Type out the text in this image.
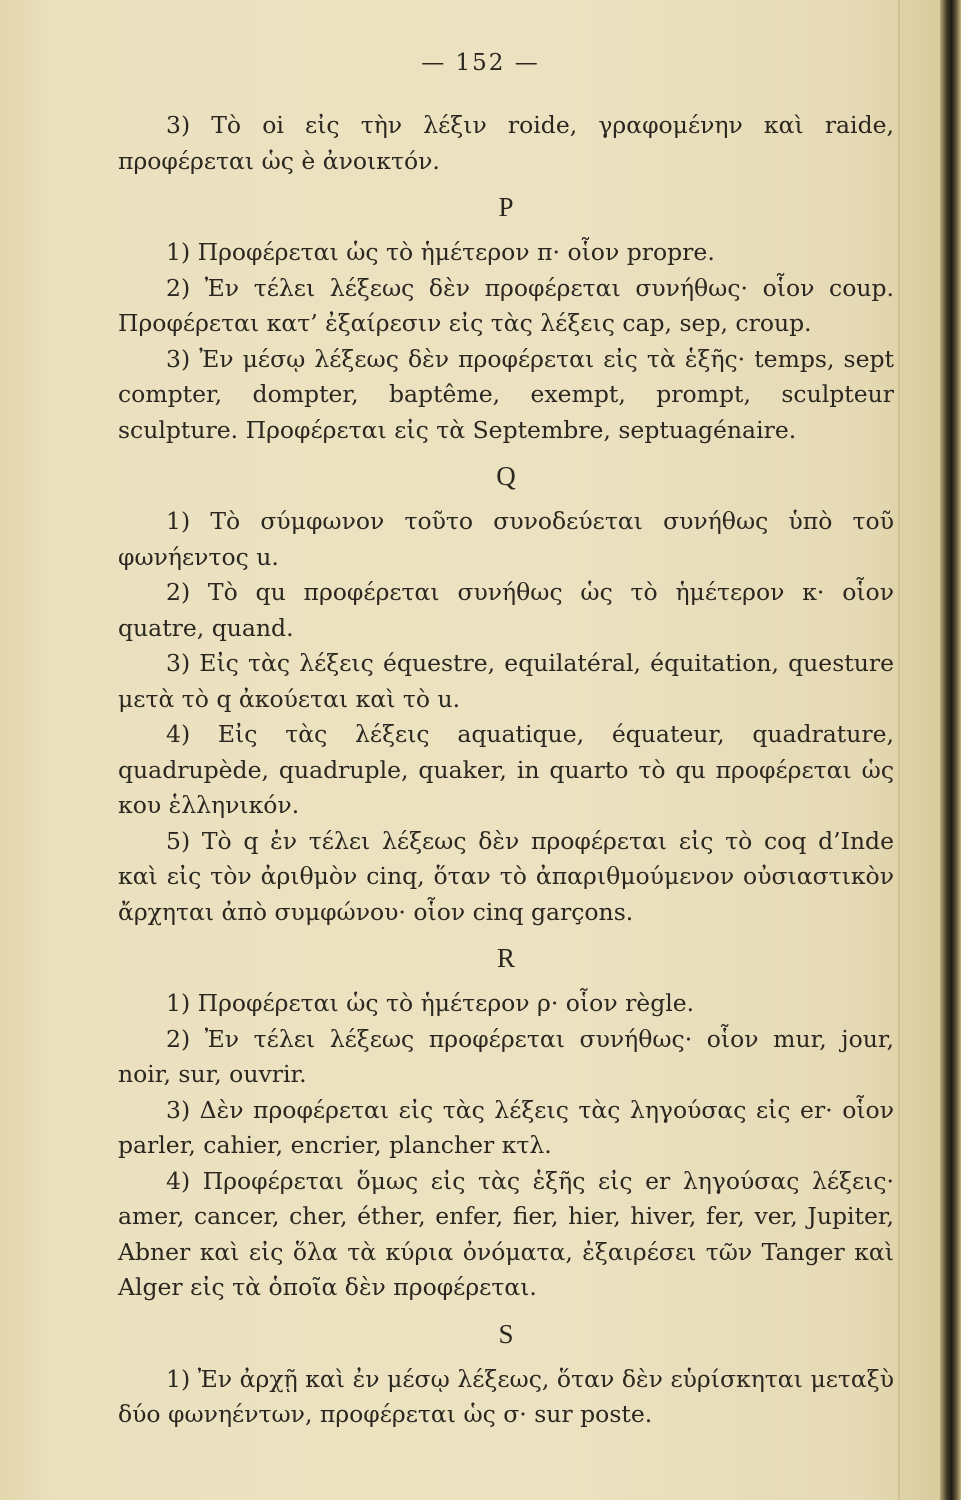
— 152 —

3) Τὸ oi εἰς τὴν λέξιν roide, γραφομένην καὶ raide, προφέρεται ὡς è ἀνοικτόν.

P

1) Προφέρεται ὡς τὸ ἡμέτερον π· οἷον propre.

2) Ἐν τέλει λέξεως δὲν προφέρεται συνήθως· οἷον coup. Προφέρεται κατ’ ἐξαίρεσιν εἰς τὰς λέξεις cap, sep, croup.

3) Ἐν μέσῳ λέξεως δὲν προφέρεται εἰς τὰ ἑξῆς· temps, sept compter, dompter, baptême, exempt, prompt, sculpteur sculpture. Προφέρεται εἰς τὰ Septembre, septuagénaire.

Q

1) Τὸ σύμφωνον τοῦτο συνοδεύεται συνήθως ὑπὸ τοῦ φωνήεντος u.

2) Τὸ qu προφέρεται συνήθως ὡς τὸ ἡμέτερον κ· οἷον quatre, quand.

3) Εἰς τὰς λέξεις équestre, equilatéral, équitation, questure μετὰ τὸ q ἀκούεται καὶ τὸ u.

4) Εἰς τὰς λέξεις aquatique, équateur, quadrature, quadrupède, quadruple, quaker, in quarto τὸ qu προφέρεται ὡς κου ἑλληνικόν.

5) Τὸ q ἐν τέλει λέξεως δὲν προφέρεται εἰς τὸ coq d’Inde καὶ εἰς τὸν ἀριθμὸν cinq, ὅταν τὸ ἀπαριθμούμενον οὐσιαστικὸν ἄρχηται ἀπὸ συμφώνου· οἷον cinq garçons.

R

1) Προφέρεται ὡς τὸ ἡμέτερον ρ· οἷον règle.

2) Ἐν τέλει λέξεως προφέρεται συνήθως· οἷον mur, jour, noir, sur, ouvrir.

3) Δὲν προφέρεται εἰς τὰς λέξεις τὰς ληγούσας εἰς er· οἷον parler, cahier, encrier, plancher κτλ.

4) Προφέρεται ὅμως εἰς τὰς ἑξῆς εἰς er ληγούσας λέξεις· amer, cancer, cher, éther, enfer, fier, hier, hiver, fer, ver, Jupiter, Abner καὶ εἰς ὅλα τὰ κύρια ὀνόματα, ἐξαιρέσει τῶν Tanger καὶ Alger εἰς τὰ ὁποῖα δὲν προφέρεται.

S

1) Ἐν ἀρχῇ καὶ ἐν μέσῳ λέξεως, ὅταν δὲν εὑρίσκηται μεταξὺ δύο φωνηέντων, προφέρεται ὡς σ· sur poste.
